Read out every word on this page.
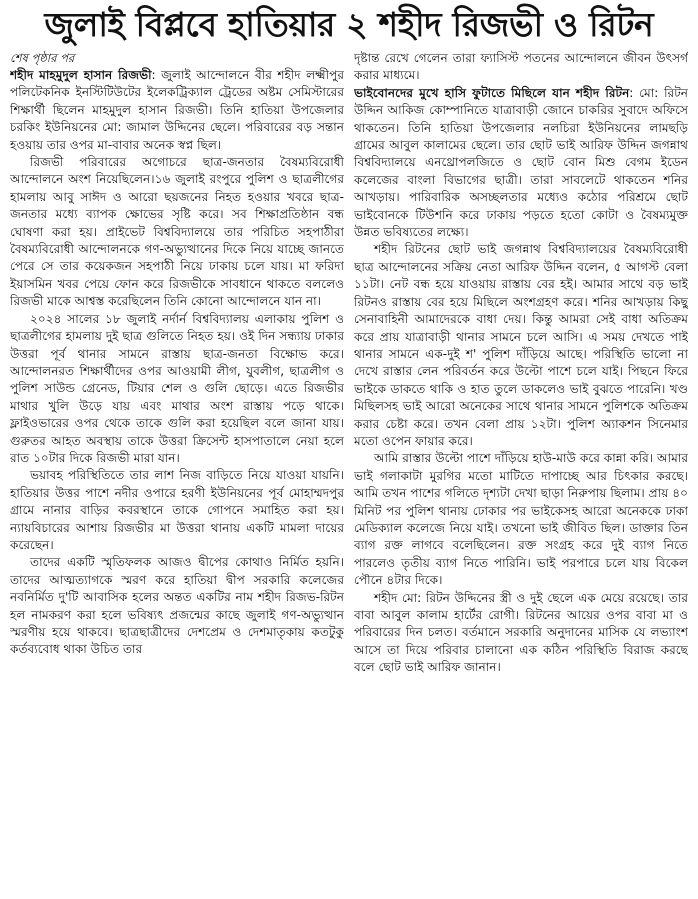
জুলাই বিপ্লবে হাতিয়ার ২ শহীদ রিজভী ও রিটন

শেষ পৃষ্ঠার পর

শহীদ মাহমুদুল হাসান রিজভী: জুলাই আন্দোলনে বীর শহীদ লক্ষ্মীপুর পলিটেকনিক ইনস্টিটিউটের ইলেকট্রিক্যাল ট্রেডের অষ্টম সেমিস্টারের শিক্ষার্থী ছিলেন মাহমুদুল হাসান রিজভী। তিনি হাতিয়া উপজেলার চরকিং ইউনিয়নের মো: জামাল উদ্দিনের ছেলে। পরিবারের বড় সন্তান হওয়ায় তার ওপর মা-বাবার অনেক স্বপ্ন ছিল।

রিজভী পরিবারের অগোচরে ছাত্র-জনতার বৈষম্যবিরোধী আন্দোলনে অংশ নিয়েছিলেন।১৬ জুলাই রংপুরে পুলিশ ও ছাত্রলীগের হামলায় আবু সাঈদ ও আরো ছয়জনের নিহত হওয়ার খবরে ছাত্র-জনতার মধ্যে ব্যাপক ক্ষোভের সৃষ্টি করে। সব শিক্ষাপ্রতিষ্ঠান বন্ধ ঘোষণা করা হয়। প্রাইভেট বিশ্ববিদ্যালয়ে তার পরিচিত সহপাঠীরা বৈষম্যবিরোধী আন্দোলনকে গণ-অভ্যুত্থানের দিকে নিয়ে যাচ্ছে জানতে পেরে সে তার কয়েকজন সহপাঠী নিয়ে ঢাকায় চলে যায়। মা ফরিদা ইয়াসমিন খবর পেয়ে ফোন করে রিজভীকে সাবধানে থাকতে বললেও রিজভী মাকে আশ্বস্ত করেছিলেন তিনি কোনো আন্দোলনে যান না।

২০২৪ সালের ১৮ জুলাই নর্দার্ন বিশ্ববিদ্যালয় এলাকায় পুলিশ ও ছাত্রলীগের হামলায় দুই ছাত্র গুলিতে নিহত হয়। ওই দিন সন্ধ্যায় ঢাকার উত্তরা পূর্ব থানার সামনে রাস্তায় ছাত্র-জনতা বিক্ষোভ করে। আন্দোলনরত শিক্ষার্থীদের ওপর আওয়ামী লীগ, যুবলীগ, ছাত্রলীগ ও পুলিশ সাউন্ড গ্রেনেড, টিয়ার শেল ও গুলি ছোড়ে। এতে রিজভীর মাথার খুলি উড়ে যায় এবং মাথার অংশ রাস্তায় পড়ে থাকে। ফ্লাইওভারের ওপর থেকে তাকে গুলি করা হয়েছিল বলে জানা যায়। গুরুতর আহত অবস্থায় তাকে উত্তরা ক্রিসেন্ট হাসপাতালে নেয়া হলে রাত ১০টার দিকে রিজভী মারা যান।

ভয়াবহ পরিস্থিতিতে তার লাশ নিজ বাড়িতে নিয়ে যাওয়া যায়নি। হাতিয়ার উত্তর পাশে নদীর ওপারে হরণী ইউনিয়নের পূর্ব মোহাম্মদপুর গ্রামে নানার বাড়ির কবরস্থানে তাকে গোপনে সমাহিত করা হয়। ন্যায়বিচারের আশায় রিজভীর মা উত্তরা থানায় একটি মামলা দায়ের করেছেন।

তাদের একটি স্মৃতিফলক আজও দ্বীপের কোথাও নির্মিত হয়নি। তাদের আত্মত্যাগকে স্মরণ করে হাতিয়া দ্বীপ সরকারি কলেজের নবনির্মিত দু'টি আবাসিক হলের অন্তত একটির নাম শহীদ রিজভ-রিটন হল নামকরণ করা হলে ভবিষ্যৎ প্রজন্মের কাছে জুলাই গণ-অভ্যুত্থান স্মরণীয় হয়ে থাকবে। ছাত্রছাত্রীদের দেশপ্রেম ও দেশমাতৃকায় কতটুকু কর্তব্যবোধ থাকা উচিত তার

দৃষ্টান্ত রেখে গেলেন তারা ফ্যাসিস্ট পতনের আন্দোলনে জীবন উৎসর্গ করার মাধ্যমে।

ভাইবোনদের মুখে হাসি ফুটাতে মিছিলে যান শহীদ রিটন: মো: রিটন উদ্দিন আকিজ কোম্পানিতে যাত্রাবাড়ী জোনে চাকরির সুবাদে অফিসে থাকতেন। তিনি হাতিয়া উপজেলার নলচিরা ইউনিয়নের লামছড়ি গ্রামের আবুল কালামের ছেলে। তার ছোট ভাই আরিফ উদ্দিন জগন্নাথ বিশ্ববিদ্যালয়ে এনথ্রোপলজিতে ও ছোট বোন মিশু বেগম ইডেন কলেজের বাংলা বিভাগের ছাত্রী। তারা সাবলেটে থাকতেন শনির আখড়ায়। পারিবারিক অসচ্ছলতার মধ্যেও কঠোর পরিশ্রমে ছোট ভাইবোনকে টিউশনি করে ঢাকায় পড়তে হতো কোটা ও বৈষম্যমুক্ত উন্নত ভবিষ্যতের লক্ষ্যে।

শহীদ রিটনের ছোট ভাই জগন্নাথ বিশ্ববিদ্যালয়ের বৈষম্যবিরোধী ছাত্র আন্দোলনের সক্রিয় নেতা আরিফ উদ্দিন বলেন, ৫ আগস্ট বেলা ১১টা। নেট বন্ধ হয়ে যাওয়ায় রাস্তায় বের হই। আমার সাথে বড় ভাই রিটনও রাস্তায় বের হয়ে মিছিলে অংশগ্রহণ করে। শনির আখড়ায় কিছু সেনাবাহিনী আমাদেরকে বাধা দেয়। কিন্তু আমরা সেই বাধা অতিক্রম করে প্রায় যাত্রাবাড়ী থানার সামনে চলে আসি। এ সময় দেখতে পাই থানার সামনে এক-দুই শ' পুলিশ দাঁড়িয়ে আছে। পরিস্থিতি ভালো না দেখে রাস্তার লেন পরিবর্তন করে উল্টো পাশে চলে যাই। পিছনে ফিরে ভাইকে ডাকতে থাকি ও হাত তুলে ডাকলেও ভাই বুঝতে পারেনি। খণ্ড মিছিলসহ ভাই আরো অনেকের সাথে থানার সামনে পুলিশকে অতিক্রম করার চেষ্টা করে। তখন বেলা প্রায় ১২টা। পুলিশ অ্যাকশন সিনেমার মতো ওপেন ফায়ার করে।

আমি রাস্তার উল্টো পাশে দাঁড়িয়ে হাউ-মাউ করে কান্না করি। আমার ভাই গলাকাটা মুরগির মতো মাটিতে দাপাচ্ছে আর চিৎকার করছে। আমি তখন পাশের গলিতে দৃশ্যটা দেখা ছাড়া নিরুপায় ছিলাম। প্রায় ৪০ মিনিট পর পুলিশ থানায় ঢোকার পর ভাইকেসহ আরো অনেককে ঢাকা মেডিক্যাল কলেজে নিয়ে যাই। তখনো ভাই জীবিত ছিল। ডাক্তার তিন ব্যাগ রক্ত লাগবে বলেছিলেন। রক্ত সংগ্রহ করে দুই ব্যাগ নিতে পারলেও তৃতীয় ব্যাগ নিতে পারিনি। ভাই পরপারে চলে যায় বিকেল পৌনে ৪টার দিকে।

শহীদ মো: রিটন উদ্দিনের স্ত্রী ও দুই ছেলে এক মেয়ে রয়েছে। তার বাবা আবুল কালাম হার্টের রোগী। রিটনের আয়ের ওপর বাবা মা ও পরিবারের দিন চলত। বর্তমানে সরকারি অনুদানের মাসিক যে লভ্যাংশ আসে তা দিয়ে পরিবার চালানো এক কঠিন পরিস্থিতি বিরাজ করছে বলে ছোট ভাই আরিফ জানান।
